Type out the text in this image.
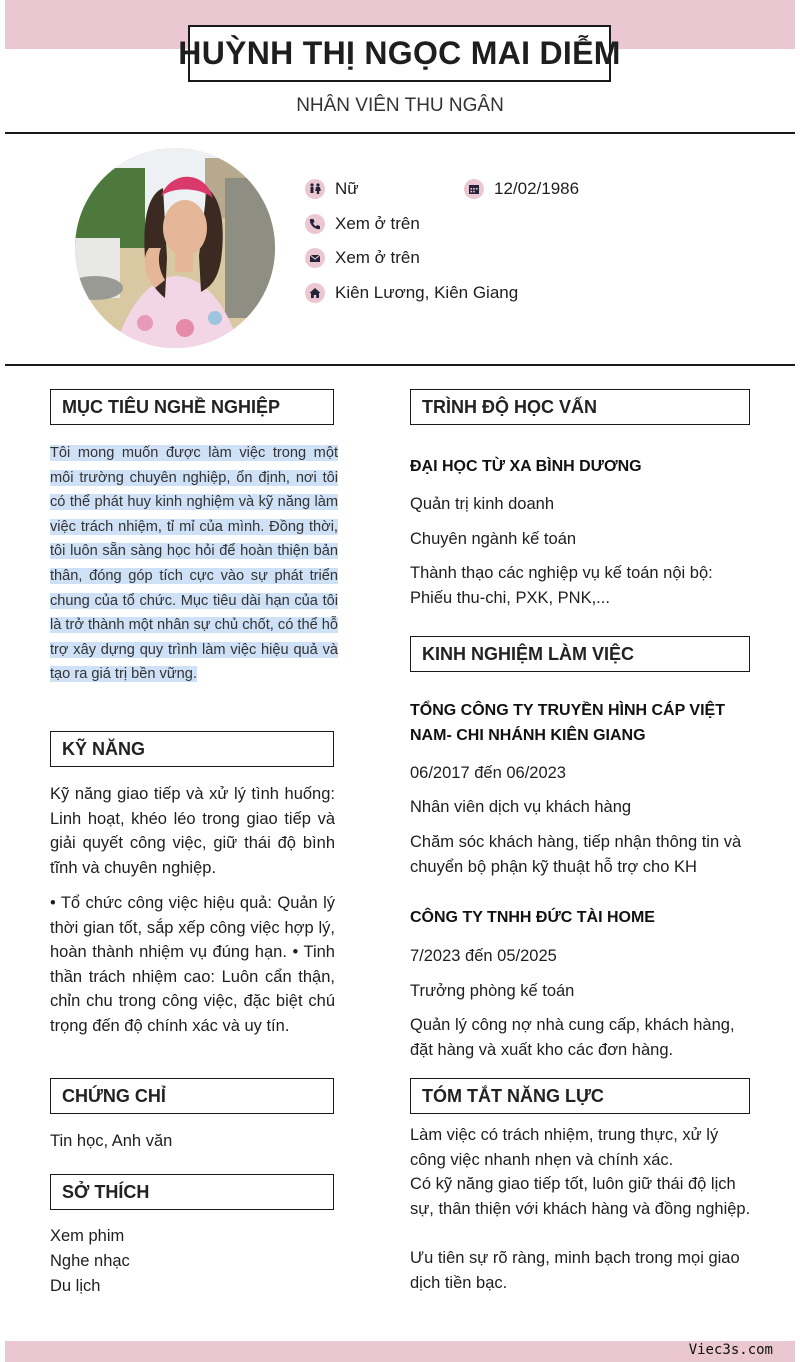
HUỲNH THỊ NGỌC MAI DIỄM
NHÂN VIÊN THU NGÂN
Nữ	12/02/1986
Xem ở trên
Xem ở trên
Kiên Lương, Kiên Giang
MỤC TIÊU NGHỀ NGHIỆP
Tôi mong muốn được làm việc trong một môi trường chuyên nghiệp, ổn định, nơi tôi có thể phát huy kinh nghiệm và kỹ năng làm việc trách nhiệm, tỉ mỉ của mình. Đồng thời, tôi luôn sẵn sàng học hỏi để hoàn thiện bản thân, đóng góp tích cực vào sự phát triển chung của tổ chức. Mục tiêu dài hạn của tôi là trở thành một nhân sự chủ chốt, có thể hỗ trợ xây dựng quy trình làm việc hiệu quả và tạo ra giá trị bền vững.
KỸ NĂNG
Kỹ năng giao tiếp và xử lý tình huống: Linh hoạt, khéo léo trong giao tiếp và giải quyết công việc, giữ thái độ bình tĩnh và chuyên nghiệp.
• Tổ chức công việc hiệu quả: Quản lý thời gian tốt, sắp xếp công việc hợp lý, hoàn thành nhiệm vụ đúng hạn. • Tinh thần trách nhiệm cao: Luôn cẩn thận, chỉn chu trong công việc, đặc biệt chú trọng đến độ chính xác và uy tín.
CHỨNG CHỈ
Tin học, Anh văn
SỞ THÍCH
Xem phim
Nghe nhạc
Du lịch
TRÌNH ĐỘ HỌC VẤN
ĐẠI HỌC TỪ XA BÌNH DƯƠNG
Quản trị kinh doanh
Chuyên ngành kế toán
Thành thạo các nghiệp vụ kế toán nội bộ: Phiếu thu-chi, PXK, PNK,...
KINH NGHIỆM LÀM VIỆC
TỔNG CÔNG TY TRUYỀN HÌNH CÁP VIỆT NAM- CHI NHÁNH KIÊN GIANG
06/2017 đến 06/2023
Nhân viên dịch vụ khách hàng
Chăm sóc khách hàng, tiếp nhận thông tin và chuyển bộ phận kỹ thuật hỗ trợ cho KH
CÔNG TY TNHH ĐỨC TÀI HOME
7/2023 đến 05/2025
Trưởng phòng kế toán
Quản lý công nợ nhà cung cấp, khách hàng, đặt hàng và xuất kho các đơn hàng.
TÓM TẮT NĂNG LỰC
Làm việc có trách nhiệm, trung thực, xử lý công việc nhanh nhẹn và chính xác.
Có kỹ năng giao tiếp tốt, luôn giữ thái độ lịch sự, thân thiện với khách hàng và đồng nghiệp.
Ưu tiên sự rõ ràng, minh bạch trong mọi giao dịch tiền bạc.
Viec3s.com
